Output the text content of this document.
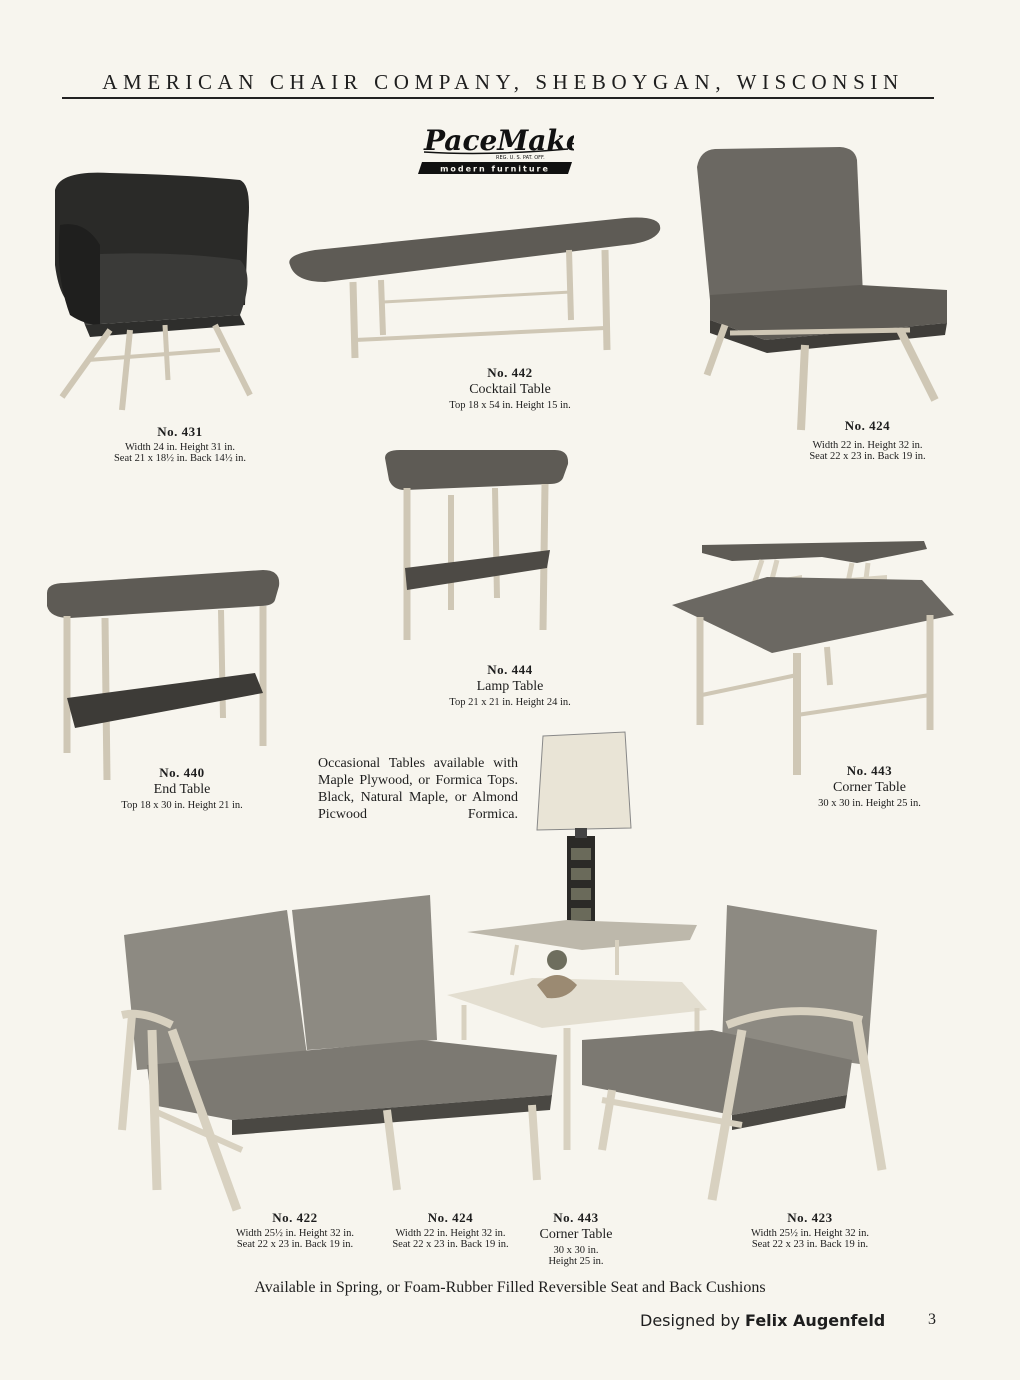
AMERICAN CHAIR COMPANY, SHEBOYGAN, WISCONSIN
PaceMak
REG. U. S. PAT. OFF.
modern furniture
No. 431
Width 24 in. Height 31 in.
Seat 21 x 18½ in. Back 14½ in.
No. 442
Cocktail Table
Top 18 x 54 in. Height 15 in.
No. 424
Width 22 in. Height 32 in.
Seat 22 x 23 in. Back 19 in.
No. 444
Lamp Table
Top 21 x 21 in. Height 24 in.
No. 440
End Table
Top 18 x 30 in. Height 21 in.
No. 443
Corner Table
30 x 30 in. Height 25 in.
Occasional Tables available with Maple Plywood, or Formica Tops. Black, Natural Maple, or Almond Picwood Formica.
No. 422
Width 25½ in. Height 32 in.
Seat 22 x 23 in. Back 19 in.
No. 424
Width 22 in. Height 32 in.
Seat 22 x 23 in. Back 19 in.
No. 443
Corner Table
30 x 30 in.
Height 25 in.
No. 423
Width 25½ in. Height 32 in.
Seat 22 x 23 in. Back 19 in.
Available in Spring, or Foam-Rubber Filled Reversible Seat and Back Cushions
Designed by Felix Augenfeld	3
